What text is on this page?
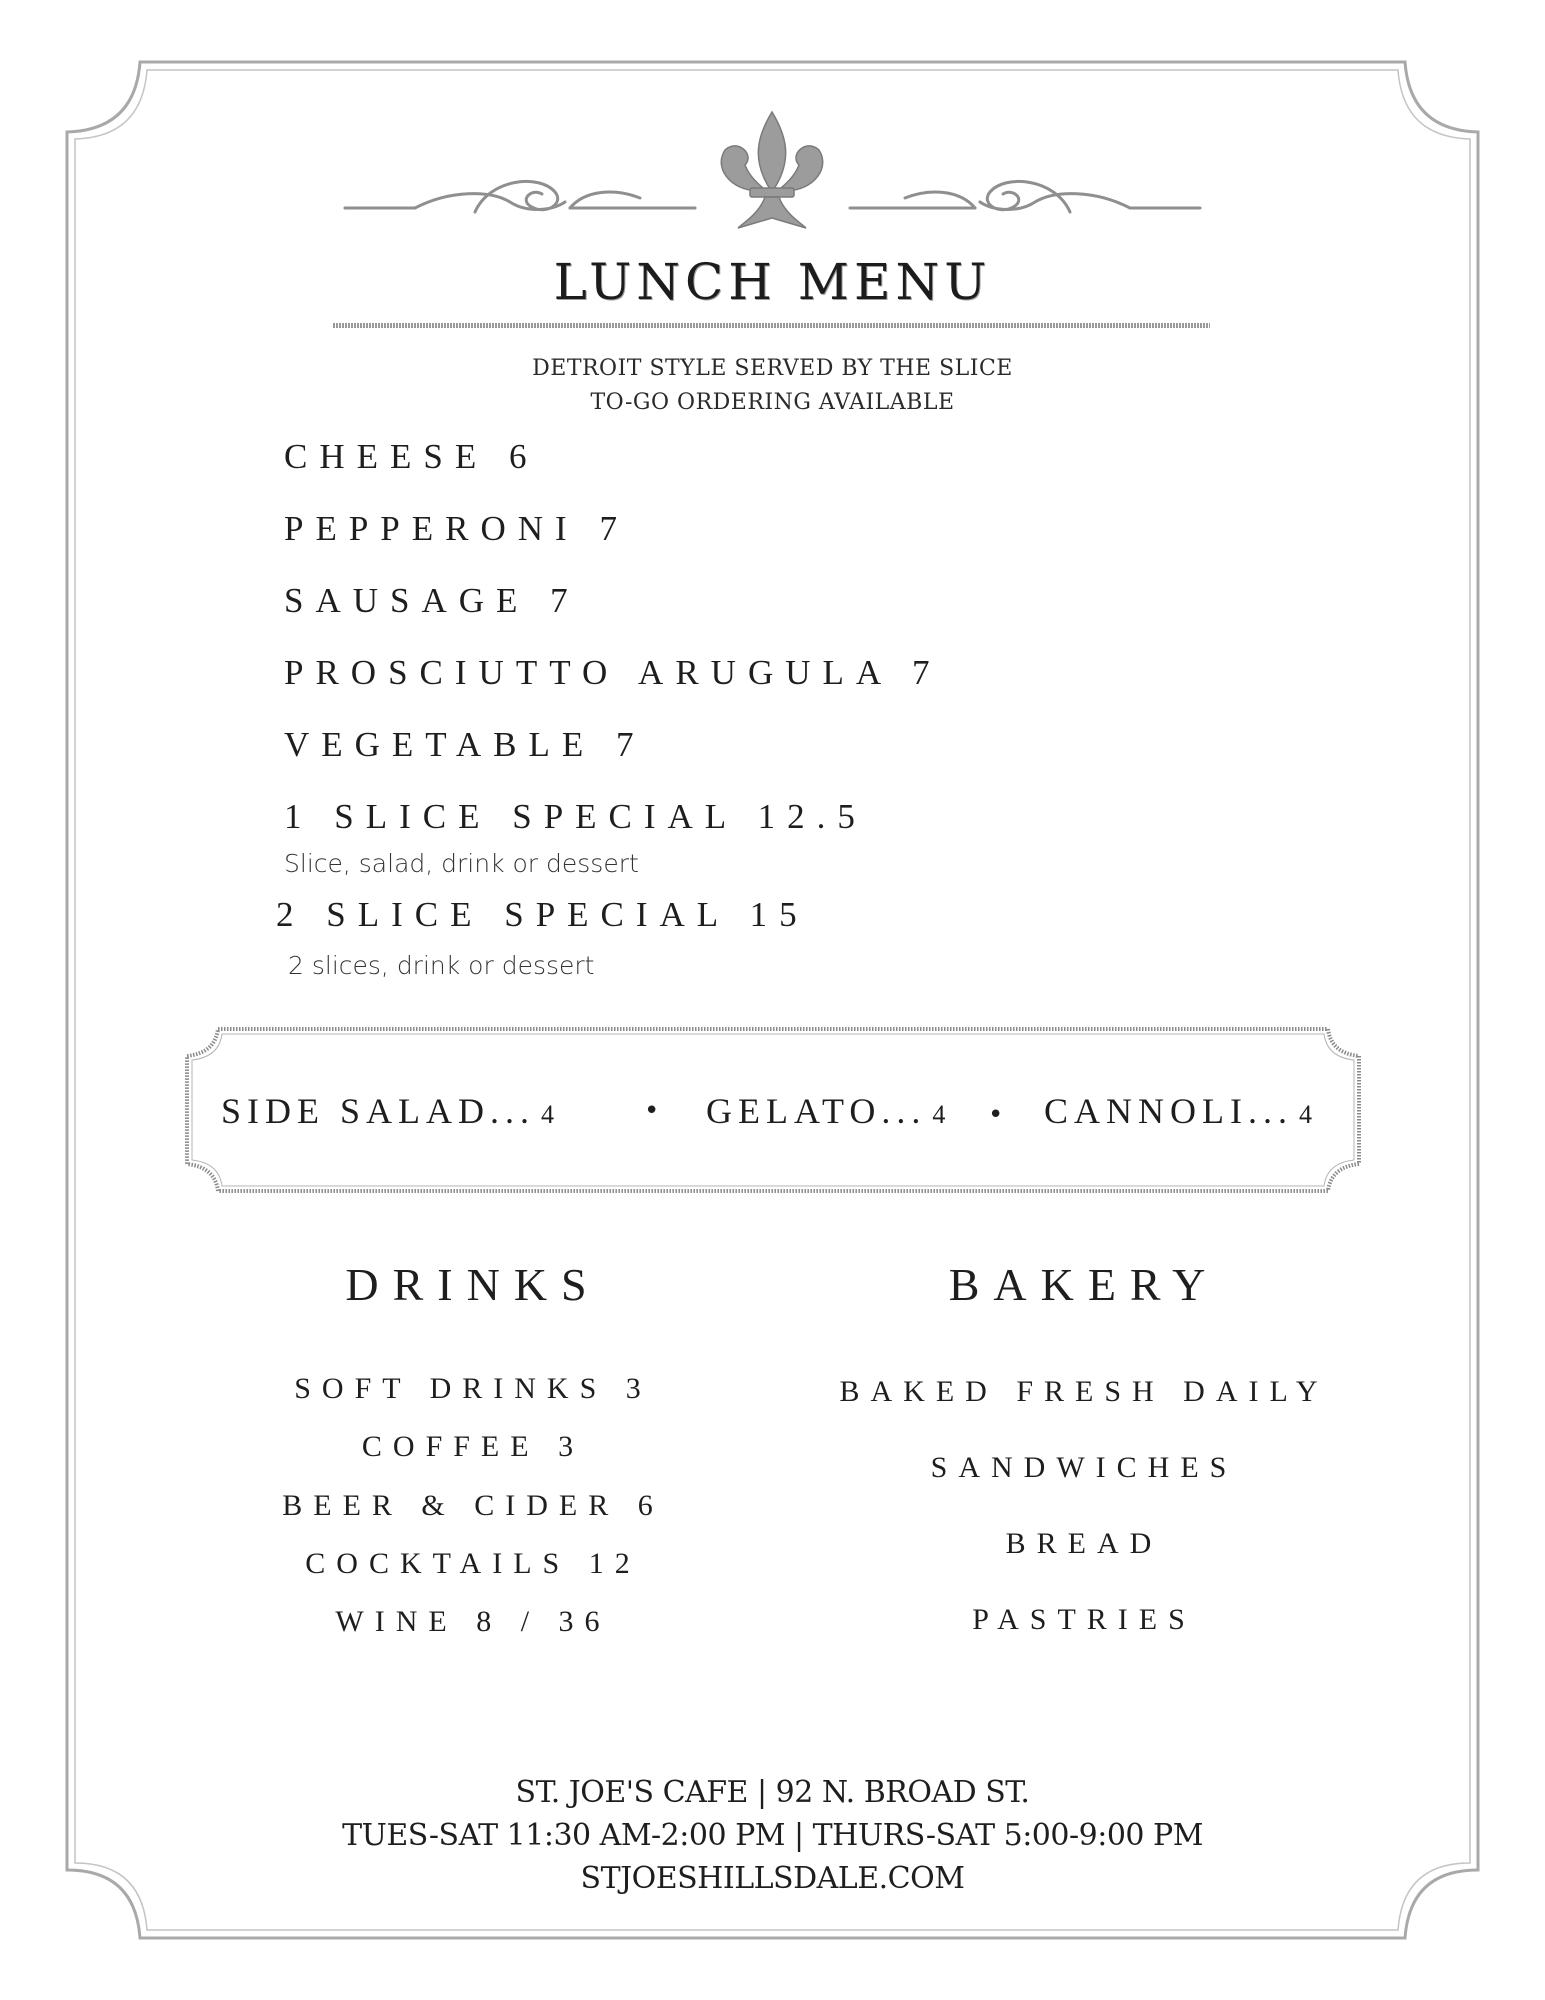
LUNCH MENU
DETROIT STYLE SERVED BY THE SLICE
TO-GO ORDERING AVAILABLE
CHEESE 6
PEPPERONI 7
SAUSAGE 7
PROSCIUTTO ARUGULA 7
VEGETABLE 7
1 SLICE SPECIAL 12.5
Slice, salad, drink or dessert
2 SLICE SPECIAL 15
2 slices, drink or dessert
SIDE SALAD... 4	• GELATO... 4 • CANNOLI... 4
DRINKS
SOFT DRINKS 3
COFFEE 3
BEER & CIDER 6
COCKTAILS 12
WINE 8 / 36
BAKERY
BAKED FRESH DAILY
SANDWICHES
BREAD
PASTRIES
ST. JOE'S CAFE | 92 N. BROAD ST.
TUES-SAT 11:30 AM-2:00 PM | THURS-SAT 5:00-9:00 PM
STJOESHILLSDALE.COM
